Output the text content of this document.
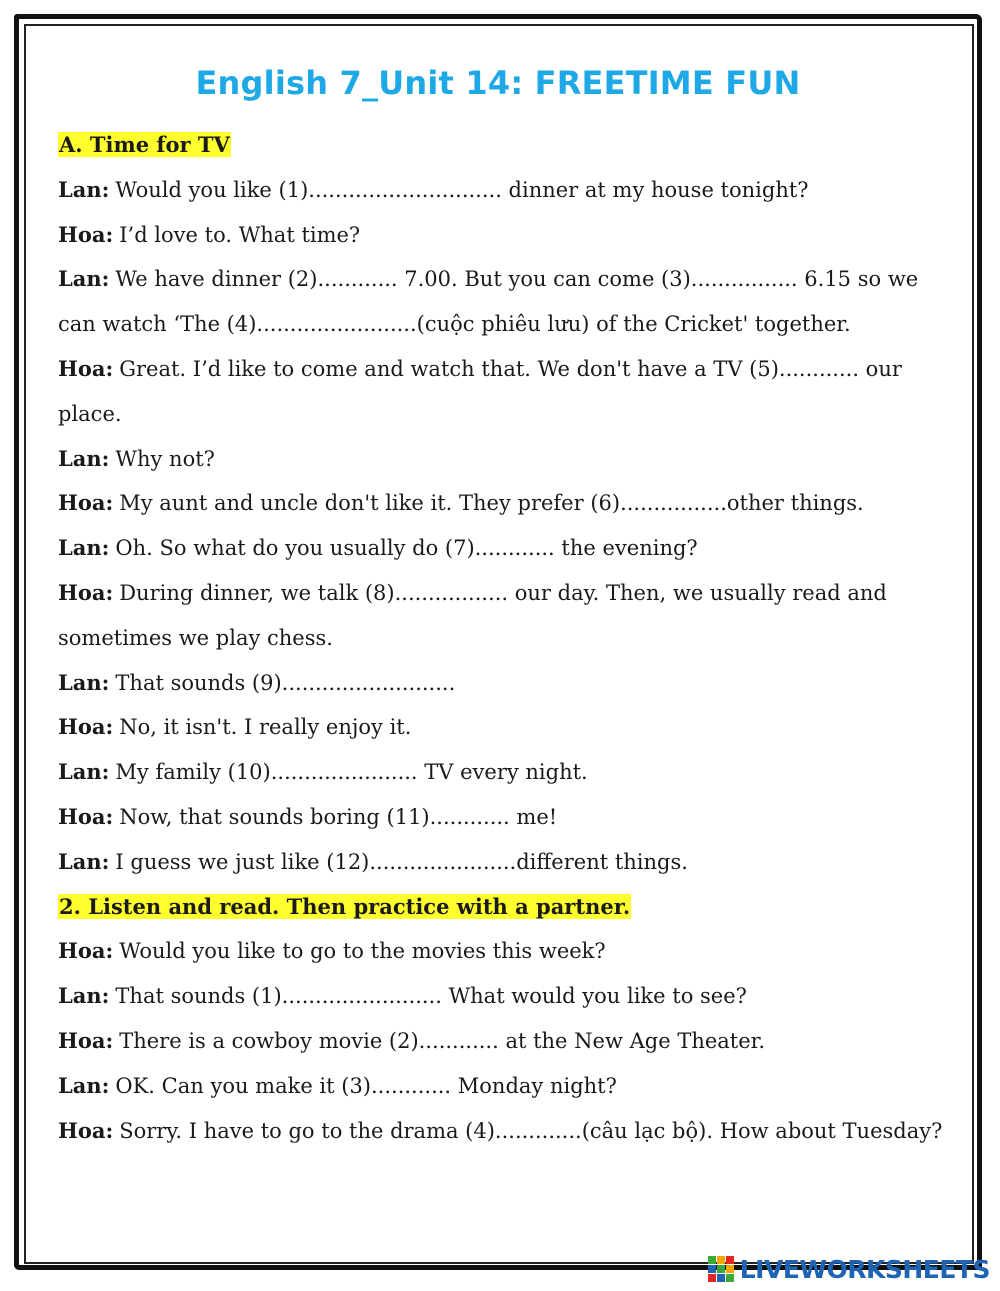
English 7_Unit 14: FREETIME FUN
A. Time for TV
Lan: Would you like (1)............................. dinner at my house tonight?
Hoa: I’d love to. What time?
Lan: We have dinner (2)............ 7.00. But you can come (3)................ 6.15 so we can watch ‘The (4)........................(cuộc phiêu lưu) of the Cricket' together.
Hoa: Great. I’d like to come and watch that. We don't have a TV (5)............ our place.
Lan: Why not?
Hoa: My aunt and uncle don't like it. They prefer (6)................other things.
Lan: Oh. So what do you usually do (7)............ the evening?
Hoa: During dinner, we talk (8)................. our day. Then, we usually read and sometimes we play chess.
Lan: That sounds (9)..........................
Hoa: No, it isn't. I really enjoy it.
Lan: My family (10)...................... TV every night.
Hoa: Now, that sounds boring (11)............ me!
Lan: I guess we just like (12)......................different things.
2. Listen and read. Then practice with a partner.
Hoa: Would you like to go to the movies this week?
Lan: That sounds (1)........................ What would you like to see?
Hoa: There is a cowboy movie (2)............ at the New Age Theater.
Lan: OK. Can you make it (3)............ Monday night?
Hoa: Sorry. I have to go to the drama (4).............(câu lạc bộ). How about Tuesday?
LIVEWORKSHEETS
